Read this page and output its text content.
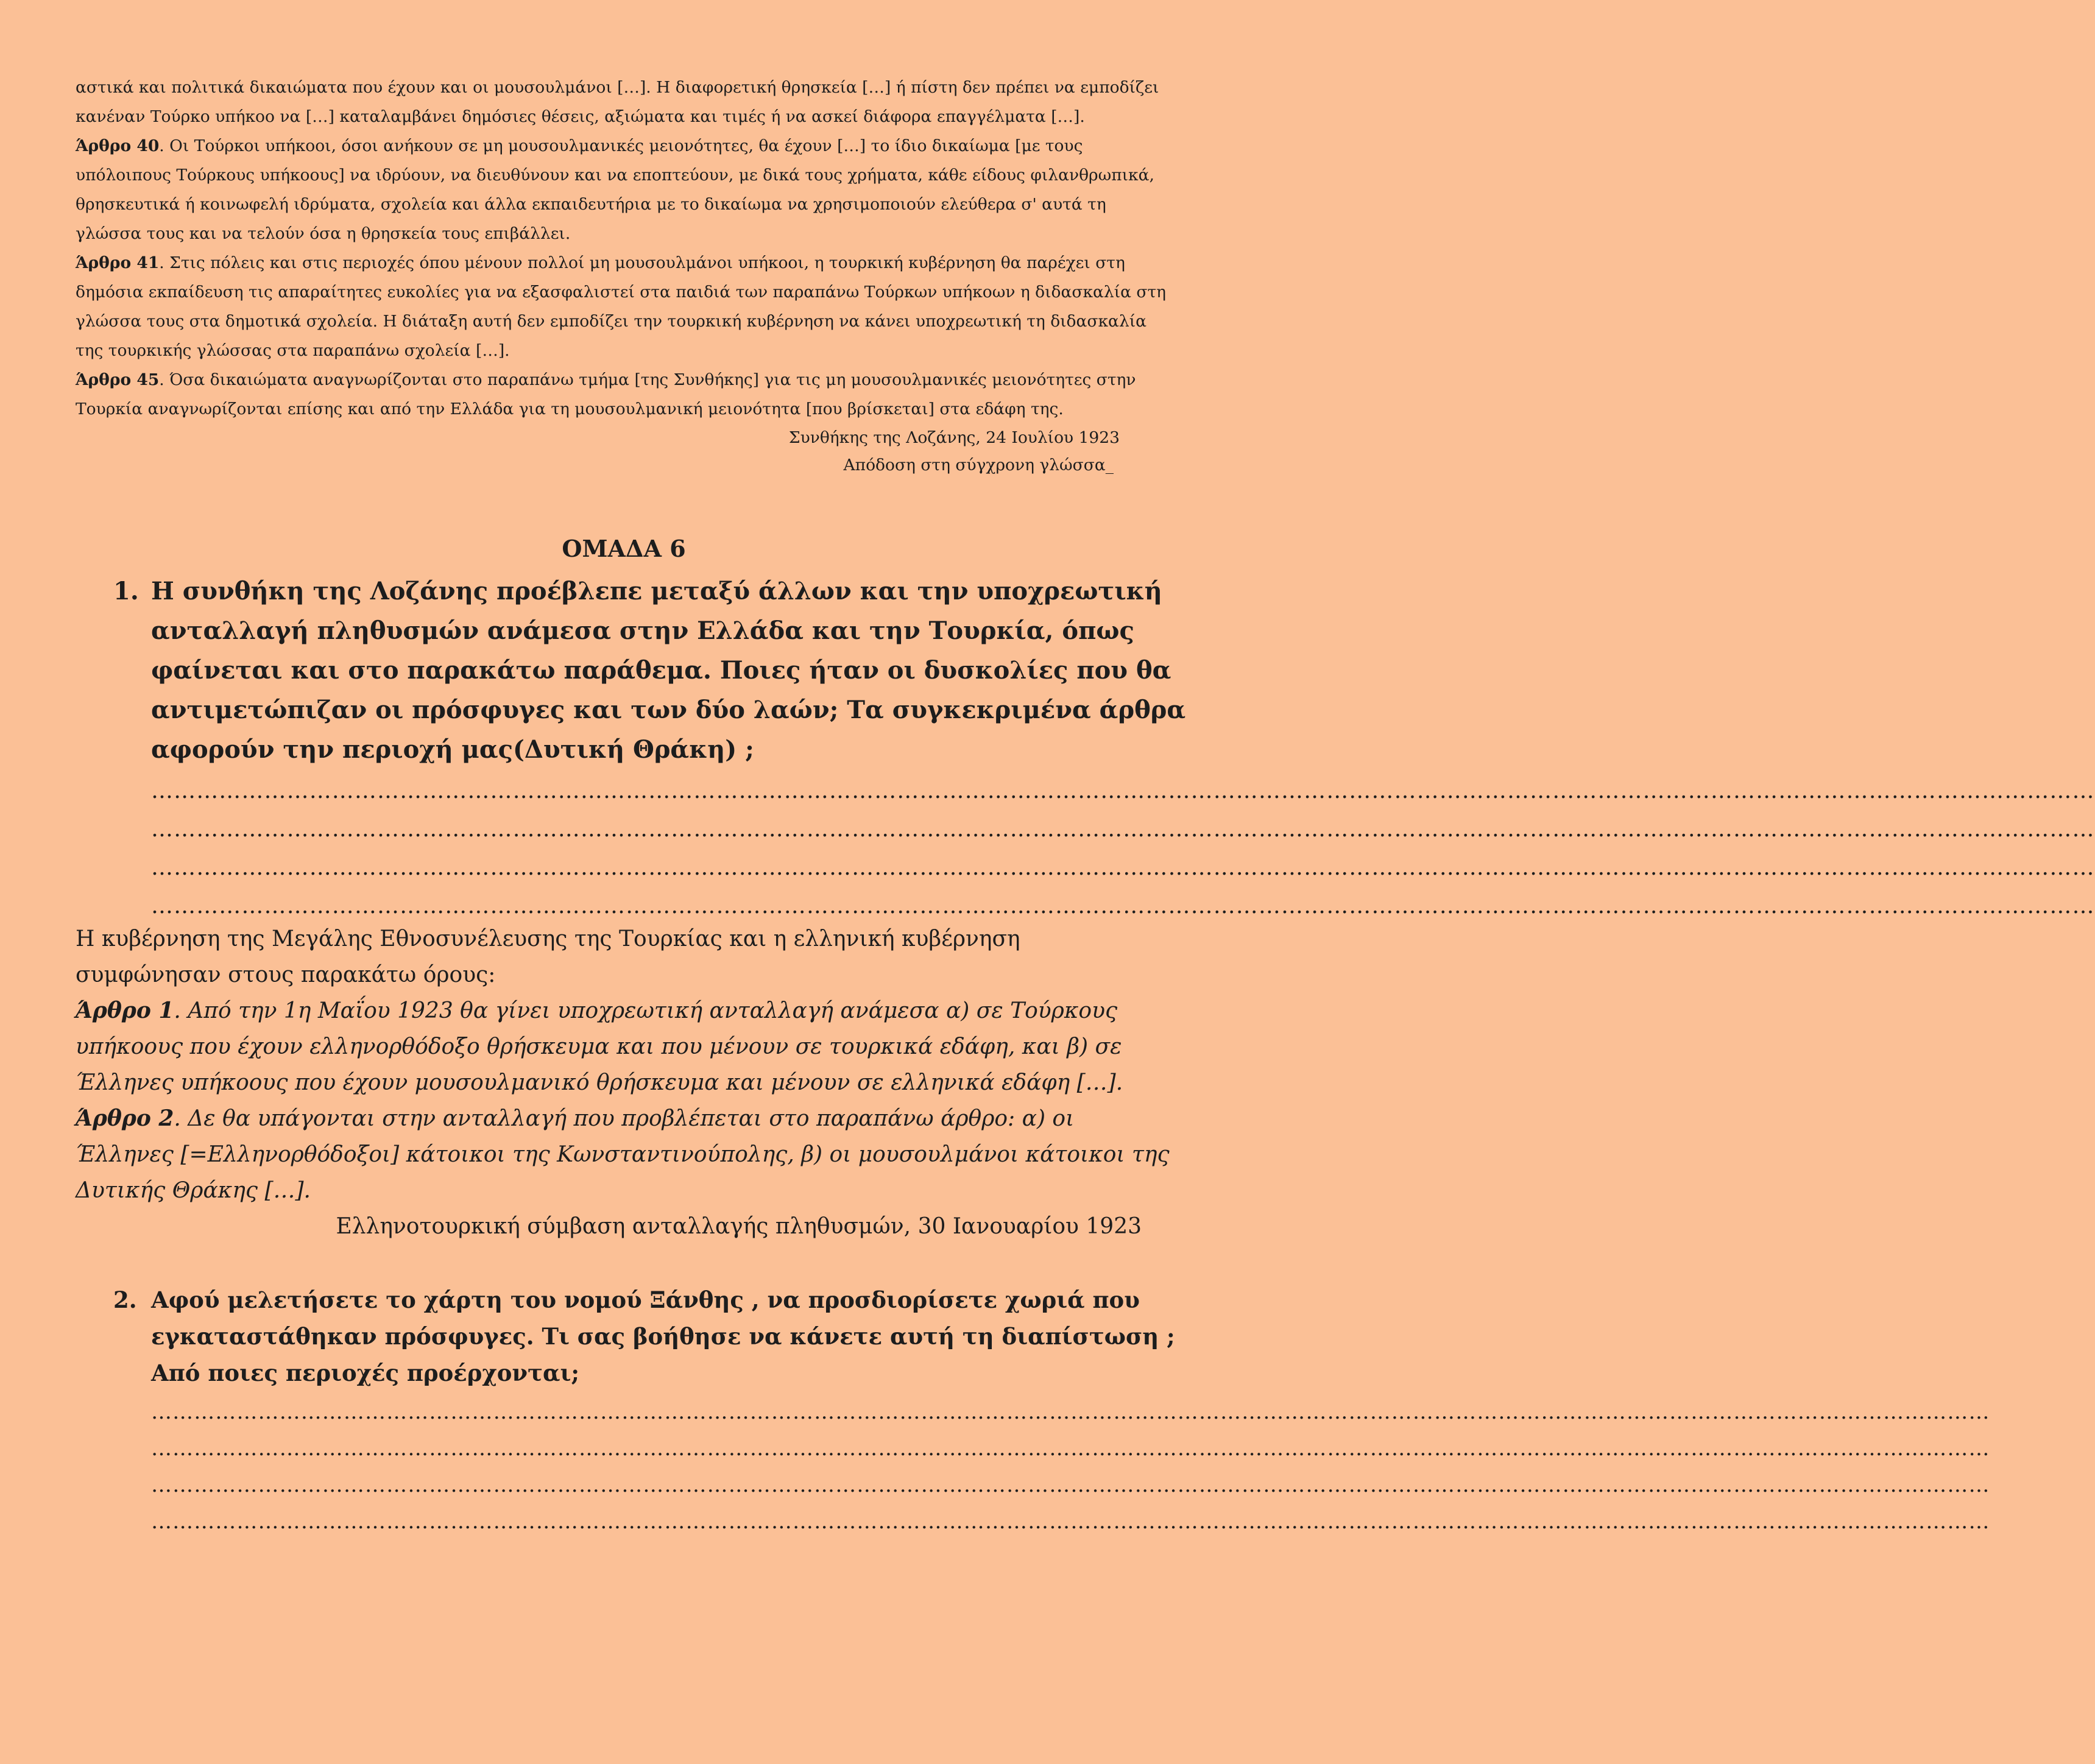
αστικά και πολιτικά δικαιώματα που έχουν και οι μουσουλμάνοι […]. Η διαφορετική θρησκεία […] ή πίστη δεν πρέπει να εμποδίζει κανέναν Τούρκο υπήκοο να […] καταλαμβάνει δημόσιες θέσεις, αξιώματα και τιμές ή να ασκεί διάφορα επαγγέλματα […].

Άρθρο 40. Οι Τούρκοι υπήκοοι, όσοι ανήκουν σε μη μουσουλμανικές μειονότητες, θα έχουν […] το ίδιο δικαίωμα [με τους υπόλοιπους Τούρκους υπήκοους] να ιδρύουν, να διευθύνουν και να εποπτεύουν, με δικά τους χρήματα, κάθε είδους φιλανθρωπικά, θρησκευτικά ή κοινωφελή ιδρύματα, σχολεία και άλλα εκπαιδευτήρια με το δικαίωμα να χρησιμοποιούν ελεύθερα σ' αυτά τη γλώσσα τους και να τελούν όσα η θρησκεία τους επιβάλλει.

Άρθρο 41. Στις πόλεις και στις περιοχές όπου μένουν πολλοί μη μουσουλμάνοι υπήκοοι, η τουρκική κυβέρνηση θα παρέχει στη δημόσια εκπαίδευση τις απαραίτητες ευκολίες για να εξασφαλιστεί στα παιδιά των παραπάνω Τούρκων υπήκοων η διδασκαλία στη γλώσσα τους στα δημοτικά σχολεία. Η διάταξη αυτή δεν εμποδίζει την τουρκική κυβέρνηση να κάνει υποχρεωτική τη διδασκαλία της τουρκικής γλώσσας στα παραπάνω σχολεία […].

Άρθρο 45. Όσα δικαιώματα αναγνωρίζονται στο παραπάνω τμήμα [της Συνθήκης] για τις μη μουσουλμανικές μειονότητες στην Τουρκία αναγνωρίζονται επίσης και από την Ελλάδα για τη μουσουλμανική μειονότητα [που βρίσκεται] στα εδάφη της.

Συνθήκης της Λοζάνης, 24 Ιουλίου 1923
Απόδοση στη σύγχρονη γλώσσα_
ΟΜΑΔΑ 6
1. Η συνθήκη της Λοζάνης προέβλεπε μεταξύ άλλων και την υποχρεωτική ανταλλαγή πληθυσμών ανάμεσα στην Ελλάδα και την Τουρκία, όπως φαίνεται και στο παρακάτω παράθεμα. Ποιες ήταν οι δυσκολίες που θα αντιμετώπιζαν οι πρόσφυγες και των δύο λαών; Τα συγκεκριμένα άρθρα αφορούν την περιοχή μας(Δυτική Θράκη) ;
……………………………………………………………………………………………………………………………………………………………………………………………………………………………………
……………………………………………………………………………………………………………………………………………………………………………………………………………………………………
……………………………………………………………………………………………………………………………………………………………………………………………………………………………………
……………………………………………………………………………………………………………………………………………………………………………………………………………………………………

Η κυβέρνηση της Μεγάλης Εθνοσυνέλευσης της Τουρκίας και η ελληνική κυβέρνηση συμφώνησαν στους παρακάτω όρους:

Άρθρο 1. Από την 1η Μαΐου 1923 θα γίνει υποχρεωτική ανταλλαγή ανάμεσα α) σε Τούρκους υπήκοους που έχουν ελληνορθόδοξο θρήσκευμα και που μένουν σε τουρκικά εδάφη, και β) σε Έλληνες υπήκοους που έχουν μουσουλμανικό θρήσκευμα και μένουν σε ελληνικά εδάφη […].

Άρθρο 2. Δε θα υπάγονται στην ανταλλαγή που προβλέπεται στο παραπάνω άρθρο: α) οι Έλληνες [=Ελληνορθόδοξοι] κάτοικοι της Κωνσταντινούπολης, β) οι μουσουλμάνοι κάτοικοι της Δυτικής Θράκης […].

Ελληνοτουρκική σύμβαση ανταλλαγής πληθυσμών, 30 Ιανουαρίου 1923

2. Αφού μελετήσετε το χάρτη του νομού Ξάνθης , να προσδιορίσετε χωριά που εγκαταστάθηκαν πρόσφυγες. Τι σας βοήθησε να κάνετε αυτή τη διαπίστωση ; Από ποιες περιοχές προέρχονται;
……………………………………………………………………………………………………………………………………………………………………………………………………………………………………
……………………………………………………………………………………………………………………………………………………………………………………………………………………………………
……………………………………………………………………………………………………………………………………………………………………………………………………………………………………
……………………………………………………………………………………………………………………………………………………………………………………………………………………………………
